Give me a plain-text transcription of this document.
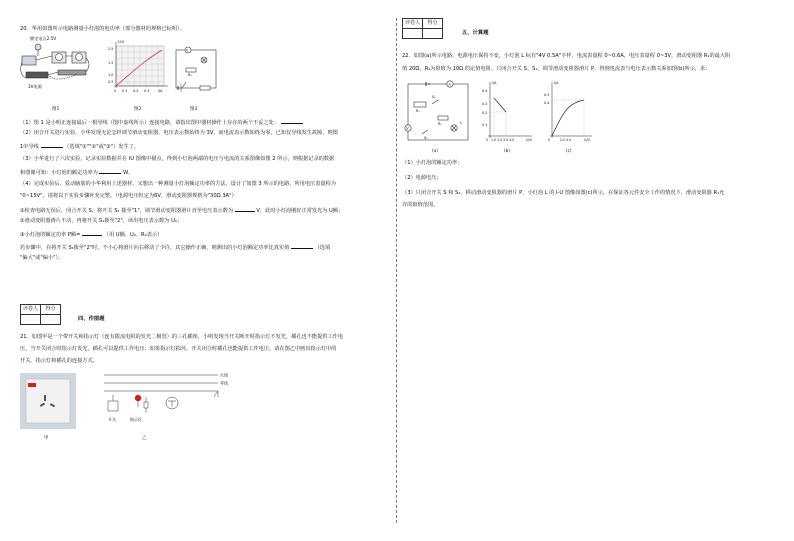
20．华用如图所示电路测量小灯泡的电功率（部分器材的规格已标明）。
额定电压2.5V
3V电源
图1
U/V
2.5
1.5
1.0
0.5
0 0.1 0.2 0.3	I/A
图2
V
R₀
图3
（1）图 1 是小明正连接最后一根导线（图中虚线所示）连接电路，请指出图中器材操作上存在的两个不妥之处：
（2）闭合开关进行实验，小华发现无论怎样调节滑动变阻器，电压表示数始终为 3V。而电流表示数始终为零，已知仅导线发生故障，则图
1中导线	（选填"①""②"或"③"）发生了。
（3）小华进行了六次实验，记录实验数据并在 IU 图像中描点，得到小灯泡两端的电压与电流的关系图像如图 2 所示，则根据记录的数据
和图像可知：小灯泡的额定功率为	W。
（4）完成实验后，爱动脑筋的小华利用上述器材，又想出一种测量小灯泡额定功率的方法，设计了如图 3 所示的电路，所用电压表量程为
"0~15V"，请将以下实验步骤补充完整。（电源电压恒定为6V，滑动变阻器规格为"30Ω 3A"）
①检查电路无误后，闭合开关 S，将开关 S₁ 拨至"1"，调节滑动变阻器滑片直至电压表示数为	V，此时小灯泡刚好正常发光为 U额；
②滑动变阻器滑片不动，再将开关 S₁拨至"2"，读出电压表示数为 U₀；
③小灯泡的额定功率 P额=	（用 U额、U₀、R₀表示）
若步骤中，在将开关 S₁拨至"2"时，不小心将滑片向右移动了少许，其它操作正确，则测出的小灯泡额定功率比真实值	（选填
"偏大"或"偏小"）。
评卷人	得分

四、作图题
21．如图甲是一个带开关和指示灯（连有限流电阻的发光二极管）的三孔插座，小明发现当开关断开时指示灯不发光，插孔也不能提供工作电
压，当开关闭合时指示灯发光，插孔可以提供工作电压；如果指示灯损坏，开关闭合时插孔也能提供工作电压。请在图乙中画出指示灯中的
开关、指示灯和插孔的连接方式。
甲
火线
零线
开关	指示灯
乙
评卷人	得分

五、计算题
22．如图(a)所示电路，电源电压保持不变，小灯泡 L 标有"4V 0.5A"字样，电流表量程 0~0.6A，电压表量程 0~3V，滑动变阻器 R₁的最大阻
值 20Ω，R₂为阻值为 10Ω 的定值电阻。只闭合开关 S、S₁，调节滑动变阻器滑片 P，得到电流表与电压表示数关系如图(b)所示，求：
A
V
R₁
R₂
S₂
S₁
L
(a)
I/A
0.4
0.3
0.2
0.1
0 1.0 2.0 3.0 4.0	U/V
(b)
I/A
0.5
0.4
0	2.0 4.0	U/V
(c)
（1）小灯泡的额定功率；
（2）电源电压；
（3）只闭合开关 S 和 S₂，移动滑动变阻器的滑片 P，小灯泡 L 的 I-U 图像如图(c)所示，在保证各元件安全工作的情况下，滑动变阻器 R₁允
许的取值范围。
